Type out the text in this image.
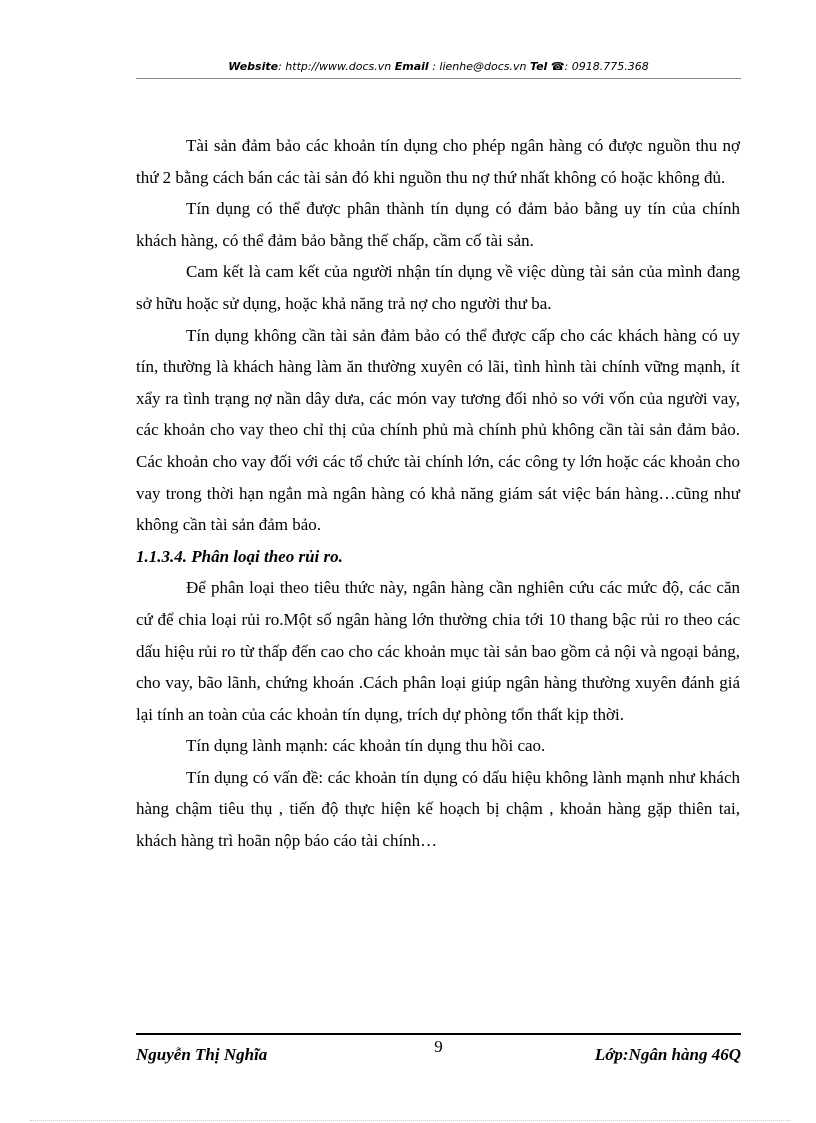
Website: http://www.docs.vn Email : lienhe@docs.vn Tel ☎: 0918.775.368

Tài sản đảm bảo các khoản tín dụng cho phép ngân hàng có được nguồn thu nợ thứ 2 bằng cách bán các tài sản đó khi nguồn thu nợ thứ nhất không có hoặc không đủ.

Tín dụng có thể được phân thành tín dụng có đảm bảo bằng uy tín của chính khách hàng, có thể đảm bảo bằng thế chấp, cầm cố tài sản.

Cam kết là cam kết của người nhận tín dụng về việc dùng tài sản của mình đang sở hữu hoặc sử dụng, hoặc khả năng trả nợ cho người thư ba.

Tín dụng không cần tài sản đảm bảo có thể được cấp cho các khách hàng có uy tín, thường là khách hàng làm ăn thường xuyên có lãi, tình hình tài chính vững mạnh, ít xẩy ra tình trạng nợ nần dây dưa, các món vay tương đối nhỏ so với vốn của người vay, các khoản cho vay theo chỉ thị của chính phủ mà chính phủ không cần tài sản đảm bảo. Các khoản cho vay đối với các tổ chức tài chính lớn, các công ty lớn hoặc các khoản cho vay trong thời hạn ngắn mà ngân hàng có khả năng giám sát việc bán hàng…cũng như không cần tài sản đảm bảo.

1.1.3.4. Phân loại theo rủi ro.

Để phân loại theo tiêu thức này, ngân hàng cần nghiên cứu các mức độ, các căn cứ để chia loại rủi ro.Một số ngân hàng lớn thường chia tới 10 thang bậc rủi ro theo các dấu hiệu rủi ro từ thấp đến cao cho các khoản mục tài sản bao gồm cả nội và ngoại bảng, cho vay, bão lãnh, chứng khoán .Cách phân loại giúp ngân hàng thường xuyên đánh giá lại tính an toàn của các khoản tín dụng, trích dự phòng tổn thất kịp thời.

Tín dụng lành mạnh: các khoản tín dụng thu hồi cao.

Tín dụng có vấn đề: các khoản tín dụng có dấu hiệu không lành mạnh như khách hàng chậm tiêu thụ , tiến độ thực hiện kế hoạch bị chậm , khoản hàng gặp thiên tai, khách hàng trì hoãn nộp báo cáo tài chính…

9
Nguyễn Thị Nghĩa	Lớp:Ngân hàng 46Q
